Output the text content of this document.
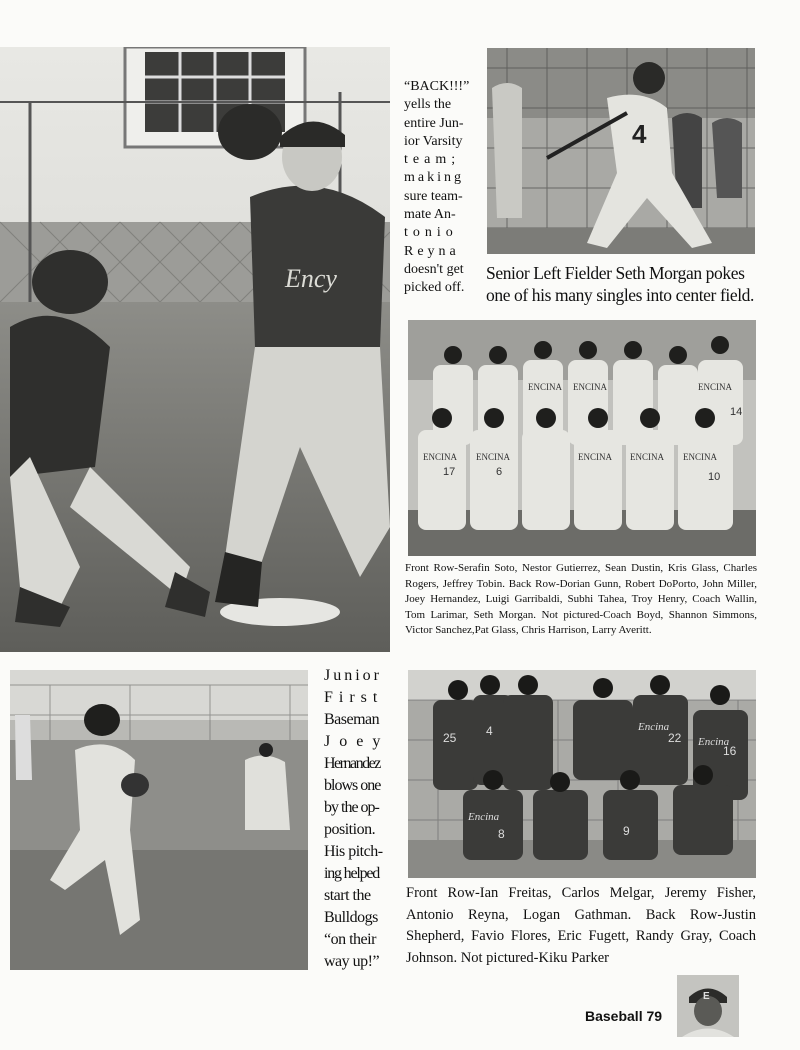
Ency
“BACK!!!”
yells the
entire Jun-
ior Varsity
team;
making
sure team-
mate An-
tonio
Reyna
doesn't get
picked off.
4
Senior Left Fielder Seth Morgan pokes one of his many singles into center field.
ENCINA	ENCINA
ENCINA ENCINA	ENCINA ENCINA ENCINA
ENCINA
14
17	6	10
Front Row-Serafin Soto, Nestor Gutierrez, Sean Dustin, Kris Glass, Charles Rogers, Jeffrey Tobin. Back Row-Dorian Gunn, Robert DoPorto, John Miller, Joey Hernandez, Luigi Garribaldi, Subhi Tahea, Troy Henry, Coach Wallin, Tom Larimar, Seth Morgan. Not pictured-Coach Boyd, Shannon Simmons, Victor Sanchez,Pat Glass, Chris Harrison, Larry Averitt.
Junior
First
Baseman
Joey
Hernandez
blows one
by the op-
position.
His pitch-
ing helped
start the
Bulldogs
“on their
way up!”
Encina
Encina
Encina
25 4	22
16
8	9
Front Row-Ian Freitas, Carlos Melgar, Jeremy Fisher, Antonio Reyna, Logan Gathman. Back Row-Justin Shepherd, Favio Flores, Eric Fugett, Randy Gray, Coach Johnson. Not pictured-Kiku Parker
Baseball 79
E
